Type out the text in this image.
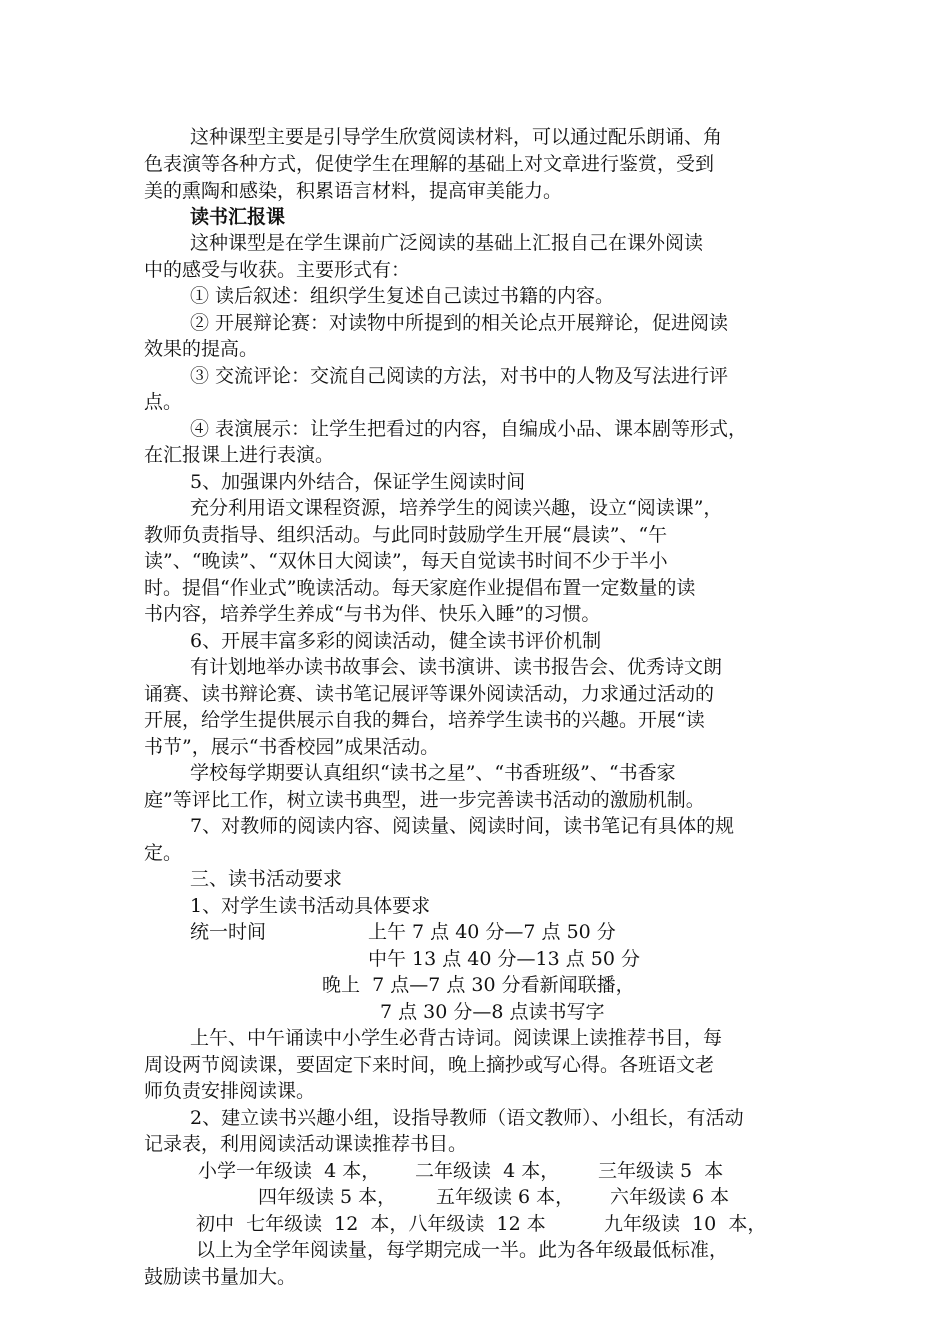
这种课型主要是引导学生欣赏阅读材料，可以通过配乐朗诵、角
色表演等各种方式，促使学生在理解的基础上对文章进行鉴赏，受到
美的熏陶和感染，积累语言材料，提高审美能力。
读书汇报课
这种课型是在学生课前广泛阅读的基础上汇报自己在课外阅读
中的感受与收获。主要形式有：
① 读后叙述：组织学生复述自己读过书籍的内容。
② 开展辩论赛：对读物中所提到的相关论点开展辩论，促进阅读
效果的提高。
③ 交流评论：交流自己阅读的方法，对书中的人物及写法进行评
点。
④ 表演展示：让学生把看过的内容，自编成小品、课本剧等形式，
在汇报课上进行表演。
5、加强课内外结合，保证学生阅读时间
充分利用语文课程资源，培养学生的阅读兴趣，设立“阅读课”，
教师负责指导、组织活动。与此同时鼓励学生开展“晨读”、“午
读”、“晚读”、“双休日大阅读”，每天自觉读书时间不少于半小
时。提倡“作业式”晚读活动。每天家庭作业提倡布置一定数量的读
书内容，培养学生养成“与书为伴、快乐入睡”的习惯。
6、开展丰富多彩的阅读活动，健全读书评价机制
有计划地举办读书故事会、读书演讲、读书报告会、优秀诗文朗
诵赛、读书辩论赛、读书笔记展评等课外阅读活动，力求通过活动的
开展，给学生提供展示自我的舞台，培养学生读书的兴趣。开展“读
书节”，展示“书香校园”成果活动。
学校每学期要认真组织“读书之星”、“书香班级”、“书香家
庭”等评比工作，树立读书典型，进一步完善读书活动的激励机制。
7、对教师的阅读内容、阅读量、阅读时间，读书笔记有具体的规
定。
三、读书活动要求
1、对学生读书活动具体要求
统一时间	上午 7 点 40 分—7 点 50 分
中午 13 点 40 分—13 点 50 分
晚上  7 点—7 点 30 分看新闻联播，
7 点 30 分—8 点读书写字
上午、中午诵读中小学生必背古诗词。阅读课上读推荐书目，每
周设两节阅读课，要固定下来时间，晚上摘抄或写心得。各班语文老
师负责安排阅读课。
2、建立读书兴趣小组，设指导教师（语文教师）、小组长，有活动
记录表，利用阅读活动课读推荐书目。
小学一年级读  4 本， 二年级读  4 本， 三年级读 5  本
四年级读 5 本， 五年级读 6 本， 六年级读 6 本
初中  七年级读  12  本，八年级读  12 本	九年级读  10  本，
以上为全学年阅读量，每学期完成一半。此为各年级最低标准，
鼓励读书量加大。
